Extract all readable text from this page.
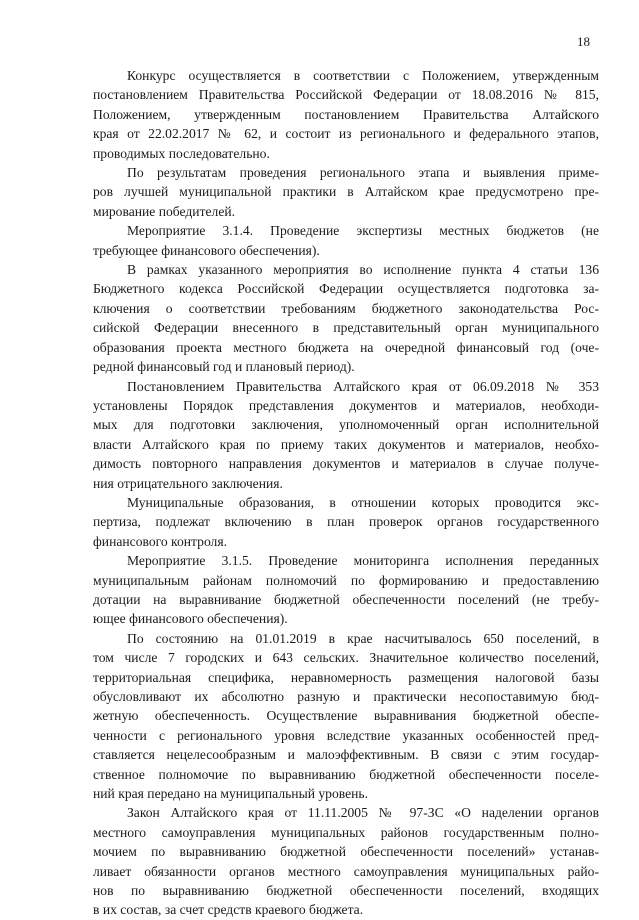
18

Конкурс осуществляется в соответствии с Положением, утвержденным
постановлением Правительства Российской Федерации от 18.08.2016 № 815,
Положением, утвержденным постановлением Правительства Алтайского
края от 22.02.2017 № 62, и состоит из регионального и федерального этапов,
проводимых последовательно.

По результатам проведения регионального этапа и выявления приме-
ров лучшей муниципальной практики в Алтайском крае предусмотрено пре-
мирование победителей.

Мероприятие 3.1.4. Проведение экспертизы местных бюджетов (не
требующее финансового обеспечения).

В рамках указанного мероприятия во исполнение пункта 4 статьи 136
Бюджетного кодекса Российской Федерации осуществляется подготовка за-
ключения о соответствии требованиям бюджетного законодательства Рос-
сийской Федерации внесенного в представительный орган муниципального
образования проекта местного бюджета на очередной финансовый год (оче-
редной финансовый год и плановый период).

Постановлением Правительства Алтайского края от 06.09.2018 № 353
установлены Порядок представления документов и материалов, необходи-
мых для подготовки заключения, уполномоченный орган исполнительной
власти Алтайского края по приему таких документов и материалов, необхо-
димость повторного направления документов и материалов в случае получе-
ния отрицательного заключения.

Муниципальные образования, в отношении которых проводится экс-
пертиза, подлежат включению в план проверок органов государственного
финансового контроля.

Мероприятие 3.1.5. Проведение мониторинга исполнения переданных
муниципальным районам полномочий по формированию и предоставлению
дотации на выравнивание бюджетной обеспеченности поселений (не требу-
ющее финансового обеспечения).

По состоянию на 01.01.2019 в крае насчитывалось 650 поселений, в
том числе 7 городских и 643 сельских. Значительное количество поселений,
территориальная специфика, неравномерность размещения налоговой базы
обусловливают их абсолютно разную и практически несопоставимую бюд-
жетную обеспеченность. Осуществление выравнивания бюджетной обеспе-
ченности с регионального уровня вследствие указанных особенностей пред-
ставляется нецелесообразным и малоэффективным. В связи с этим государ-
ственное полномочие по выравниванию бюджетной обеспеченности поселе-
ний края передано на муниципальный уровень.

Закон Алтайского края от 11.11.2005 № 97-ЗС «О наделении органов
местного самоуправления муниципальных районов государственным полно-
мочием по выравниванию бюджетной обеспеченности поселений» устанав-
ливает обязанности органов местного самоуправления муниципальных райо-
нов по выравниванию бюджетной обеспеченности поселений, входящих
в их состав, за счет средств краевого бюджета.
